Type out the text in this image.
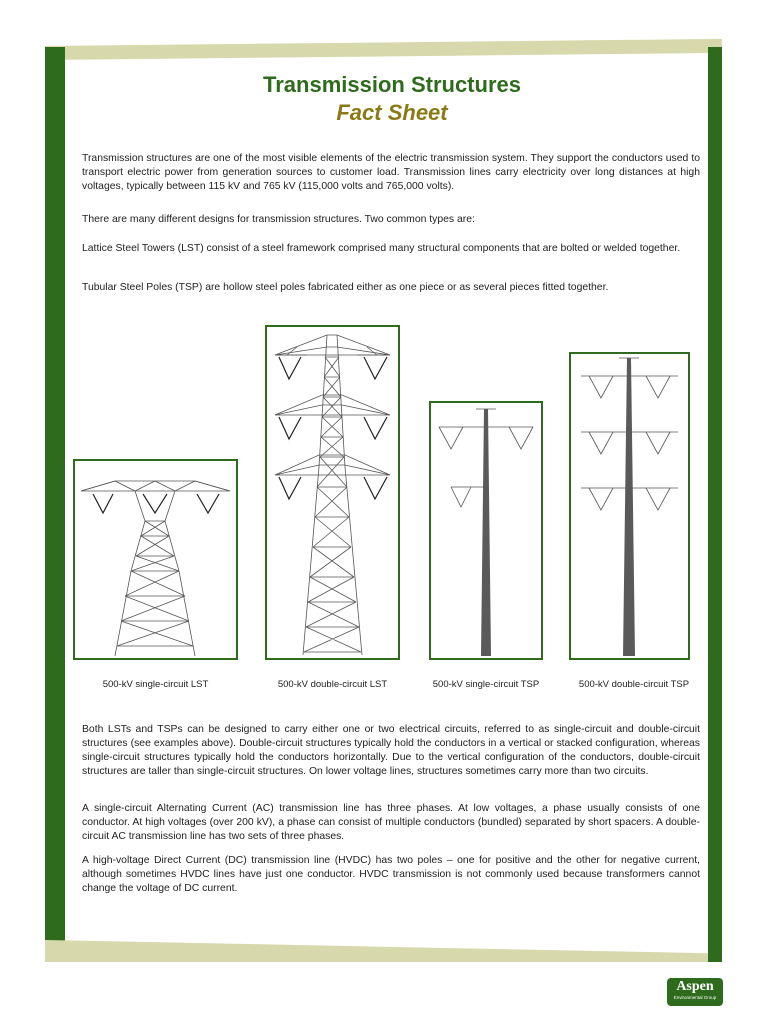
Transmission Structures
Fact Sheet

Transmission structures are one of the most visible elements of the electric transmission system. They support the conductors used to transport electric power from generation sources to customer load. Transmission lines carry electricity over long distances at high voltages, typically between 115 kV and 765 kV (115,000 volts and 765,000 volts).

There are many different designs for transmission structures. Two common types are:

Lattice Steel Towers (LST) consist of a steel framework comprised many structural components that are bolted or welded together.

Tubular Steel Poles (TSP) are hollow steel poles fabricated either as one piece or as several pieces fitted together.

500-kV single-circuit LST	500-kV double-circuit LST	500-kV single-circuit TSP	500-kV double-circuit TSP

Both LSTs and TSPs can be designed to carry either one or two electrical circuits, referred to as single-circuit and double-circuit structures (see examples above). Double-circuit structures typically hold the conductors in a vertical or stacked configuration, whereas single-circuit structures typically hold the conductors horizontally. Due to the vertical configuration of the conductors, double-circuit structures are taller than single-circuit structures. On lower voltage lines, structures sometimes carry more than two circuits.

A single-circuit Alternating Current (AC) transmission line has three phases. At low voltages, a phase usually consists of one conductor. At high voltages (over 200 kV), a phase can consist of multiple conductors (bundled) separated by short spacers. A double-circuit AC transmission line has two sets of three phases.

A high-voltage Direct Current (DC) transmission line (HVDC) has two poles – one for positive and the other for negative current, although sometimes HVDC lines have just one conductor. HVDC transmission is not commonly used because transformers cannot change the voltage of DC current.

Aspen
Environmental Group
